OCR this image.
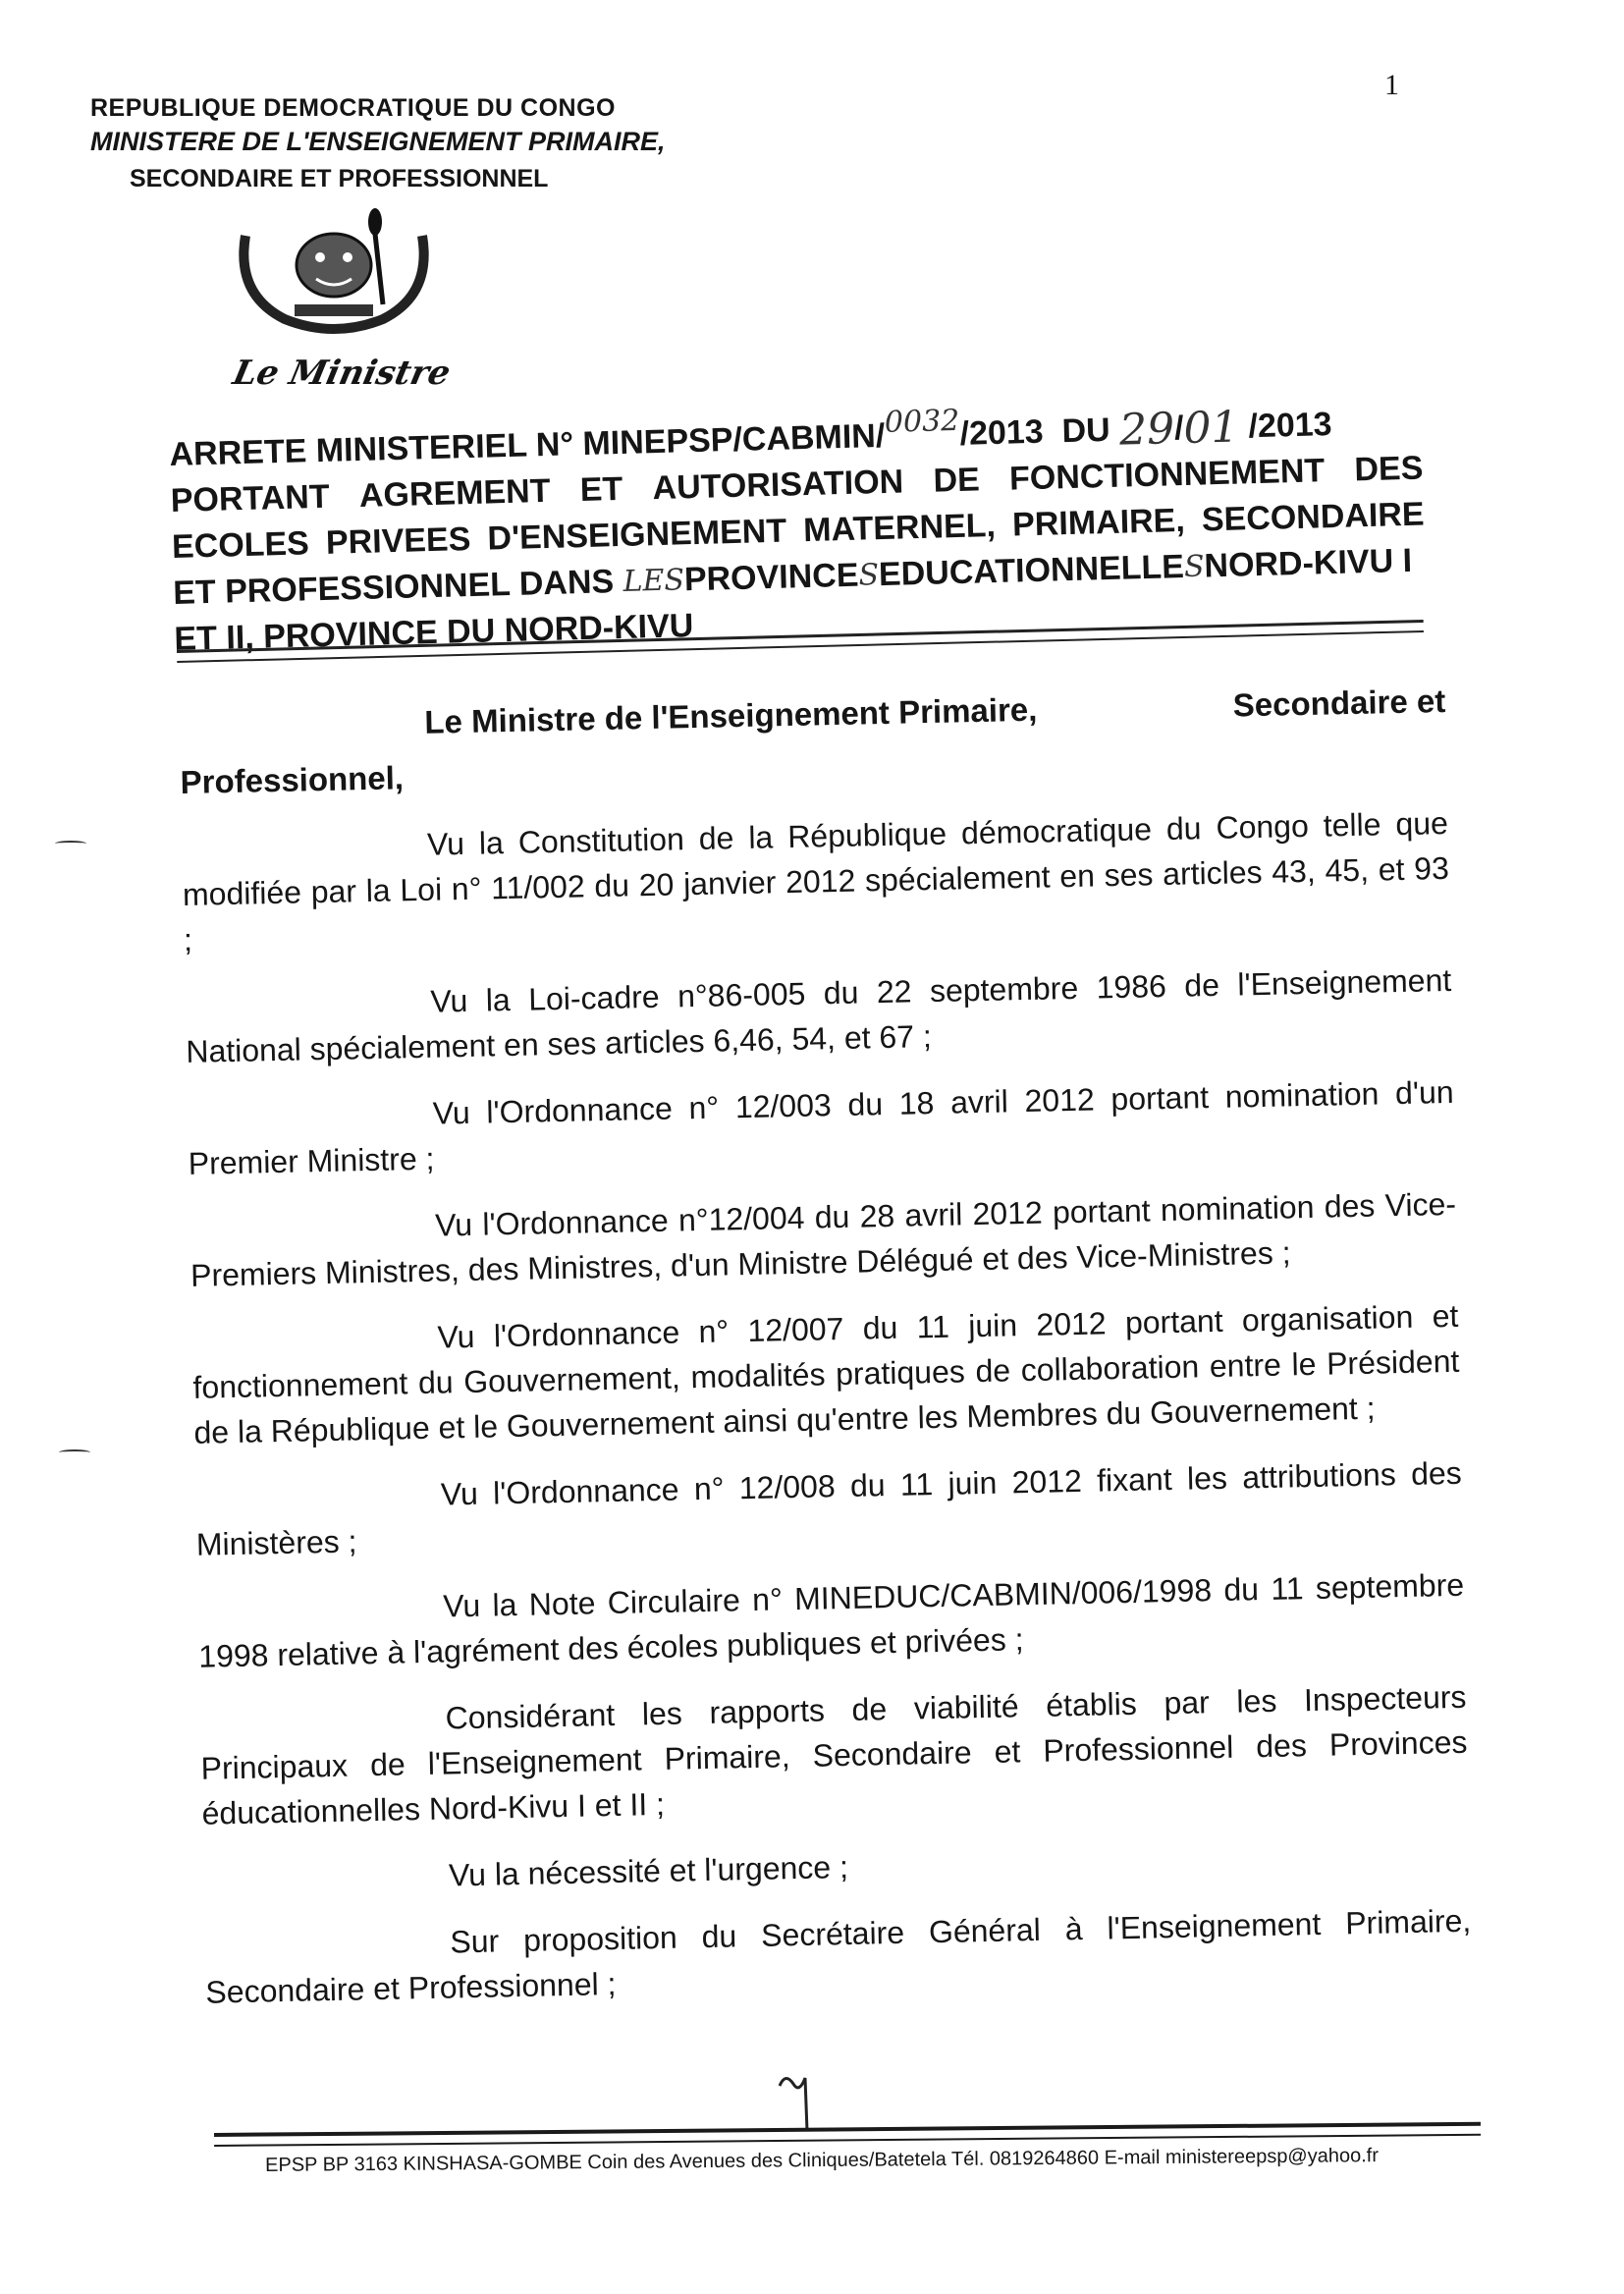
1
REPUBLIQUE DEMOCRATIQUE DU CONGO
MINISTERE DE L'ENSEIGNEMENT PRIMAIRE,
SECONDAIRE ET PROFESSIONNEL
Le Ministre
ARRETE MINISTERIEL N° MINEPSP/CABMIN/
0032 /2013  DU
29
/
01 /2013
PORTANT AGREMENT ET AUTORISATION DE FONCTIONNEMENT DES
ECOLES PRIVEES D'ENSEIGNEMENT MATERNEL, PRIMAIRE, SECONDAIRE
ET PROFESSIONNEL DANS LES PROVINCE S EDUCATIONNELLE S NORD-KIVU I
ET II, PROVINCE DU NORD-KIVU
Le Ministre de l'Enseignement Primaire,	Secondaire et
Professionnel,
Vu la Constitution de la République démocratique du Congo telle que modifiée par la Loi n° 11/002 du 20 janvier 2012 spécialement en ses articles 43, 45, et 93 ;
Vu la Loi-cadre n°86-005 du 22 septembre 1986 de l'Enseignement National spécialement en ses articles 6,46, 54, et 67 ;
Vu l'Ordonnance n° 12/003 du 18 avril 2012 portant nomination d'un Premier Ministre ;
Vu l'Ordonnance n°12/004 du 28 avril 2012 portant nomination des Vice-Premiers Ministres, des Ministres, d'un Ministre Délégué et des Vice-Ministres ;
Vu l'Ordonnance n° 12/007 du 11 juin 2012 portant organisation et fonctionnement du Gouvernement, modalités pratiques de collaboration entre le Président de la République et le Gouvernement ainsi qu'entre les Membres du Gouvernement ;
Vu l'Ordonnance n° 12/008 du 11 juin 2012 fixant les attributions des Ministères ;
Vu la Note Circulaire n° MINEDUC/CABMIN/006/1998 du 11 septembre 1998 relative à l'agrément des écoles publiques et privées ;
Considérant les rapports de viabilité établis par les Inspecteurs Principaux de l'Enseignement Primaire, Secondaire et Professionnel des Provinces éducationnelles Nord-Kivu I et II ;
Vu la nécessité et l'urgence ;
Sur proposition du Secrétaire Général à l'Enseignement Primaire, Secondaire et Professionnel ;
EPSP BP 3163 KINSHASA-GOMBE Coin des Avenues des Cliniques/Batetela Tél. 0819264860 E-mail ministereepsp@yahoo.fr
